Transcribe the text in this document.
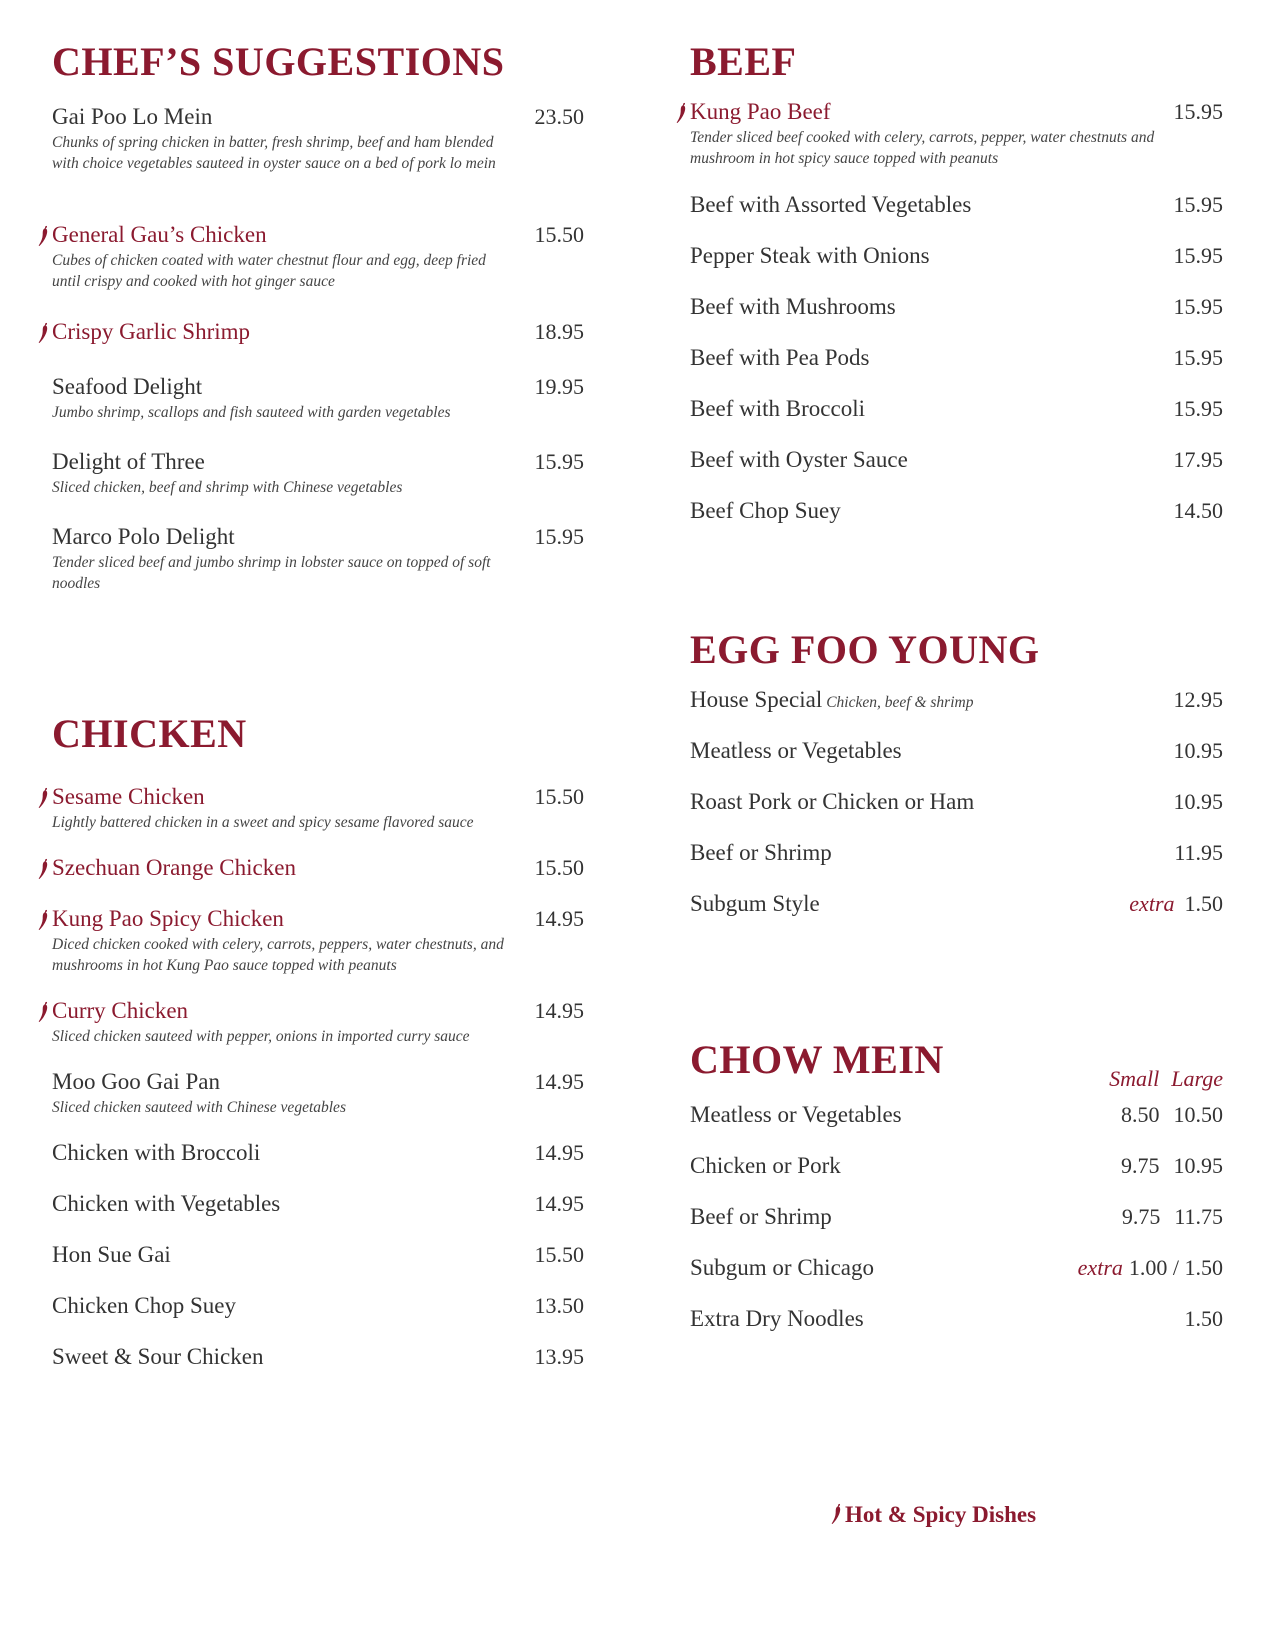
CHEF’S SUGGESTIONS
Gai Poo Lo Mein	23.50

Chunks of spring chicken in batter, fresh shrimp, beef and ham blended with choice vegetables sauteed in oyster sauce on a bed of pork lo mein

General Gau’s Chicken	15.50

Cubes of chicken coated with water chestnut flour and egg, deep fried until crispy and cooked with hot ginger sauce

Crispy Garlic Shrimp	18.95
Seafood Delight	19.95

Jumbo shrimp, scallops and fish sauteed with garden vegetables

Delight of Three	15.95

Sliced chicken, beef and shrimp with Chinese vegetables

Marco Polo Delight	15.95

Tender sliced beef and jumbo shrimp in lobster sauce on topped of soft noodles

CHICKEN
Sesame Chicken	15.50

Lightly battered chicken in a sweet and spicy sesame flavored sauce

Szechuan Orange Chicken	15.50
Kung Pao Spicy Chicken	14.95

Diced chicken cooked with celery, carrots, peppers, water chestnuts, and mushrooms in hot Kung Pao sauce topped with peanuts

Curry Chicken	14.95

Sliced chicken sauteed with pepper, onions in imported curry sauce

Moo Goo Gai Pan	14.95

Sliced chicken sauteed with Chinese vegetables

Chicken with Broccoli	14.95
Chicken with Vegetables	14.95
Hon Sue Gai	15.50
Chicken Chop Suey	13.50
Sweet & Sour Chicken	13.95
BEEF
Kung Pao Beef	15.95

Tender sliced beef cooked with celery, carrots, pepper, water chestnuts and mushroom in hot spicy sauce topped with peanuts

Beef with Assorted Vegetables	15.95
Pepper Steak with Onions	15.95
Beef with Mushrooms	15.95
Beef with Pea Pods	15.95
Beef with Broccoli	15.95
Beef with Oyster Sauce	17.95
Beef Chop Suey	14.50
EGG FOO YOUNG
House Special Chicken, beef & shrimp	12.95
Meatless or Vegetables	10.95
Roast Pork or Chicken or Ham	10.95
Beef or Shrimp	11.95
Subgum Style	extra 1.50
CHOW MEIN	Small Large
Meatless or Vegetables	8.50 10.50
Chicken or Pork	9.75 10.95
Beef or Shrimp	9.75 11.75
Subgum or Chicago	extra 1.00 / 1.50
Extra Dry Noodles	1.50
Hot & Spicy Dishes
